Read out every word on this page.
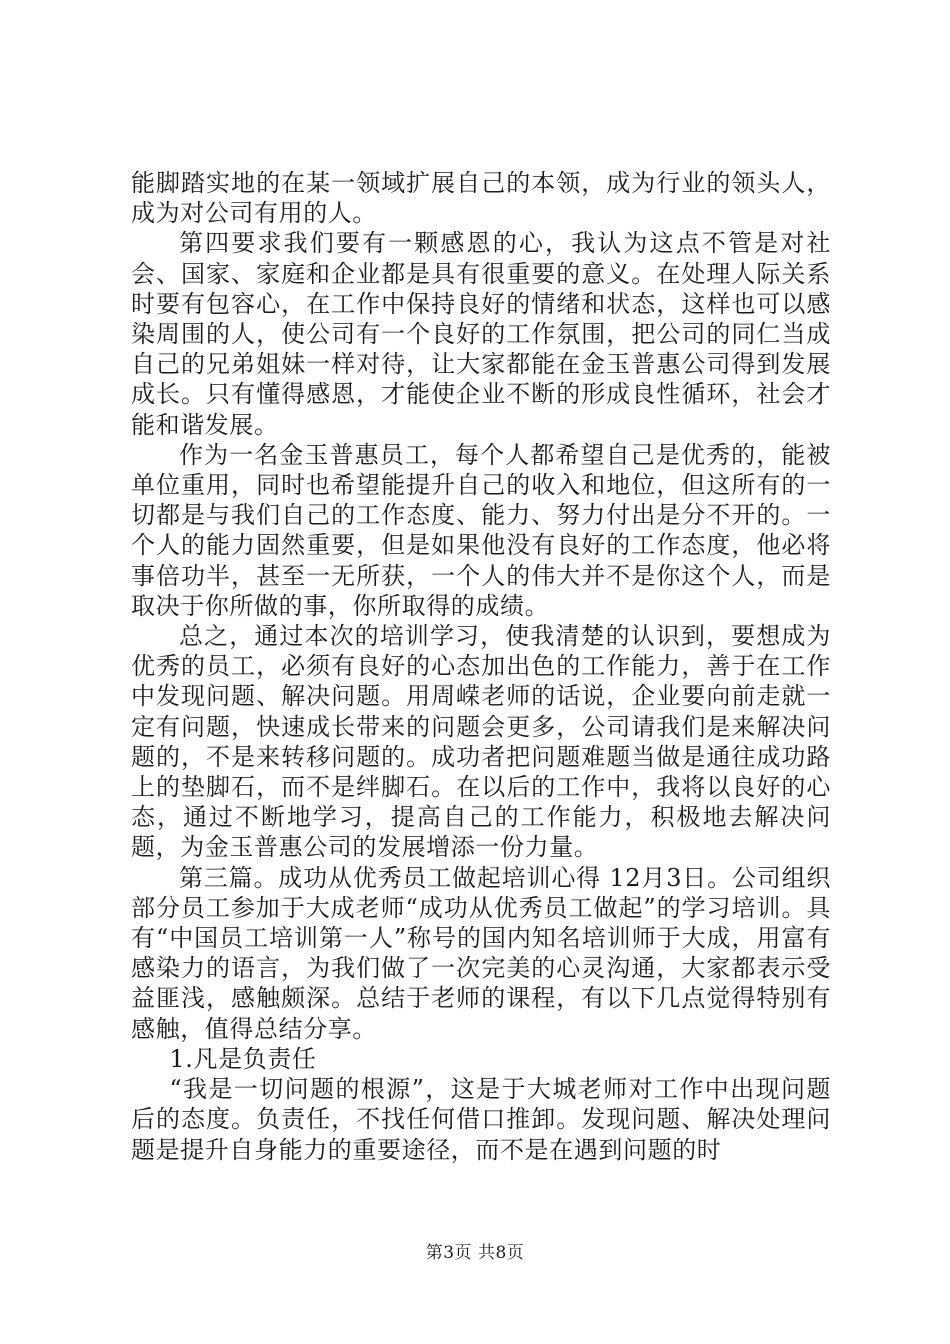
能脚踏实地的在某一领域扩展自己的本领，成为行业的领头人，成为对公司有用的人。

第四要求我们要有一颗感恩的心，我认为这点不管是对社会、国家、家庭和企业都是具有很重要的意义。在处理人际关系时要有包容心，在工作中保持良好的情绪和状态，这样也可以感染周围的人，使公司有一个良好的工作氛围，把公司的同仁当成自己的兄弟姐妹一样对待，让大家都能在金玉普惠公司得到发展成长。只有懂得感恩，才能使企业不断的形成良性循环，社会才能和谐发展。

作为一名金玉普惠员工，每个人都希望自己是优秀的，能被单位重用，同时也希望能提升自己的收入和地位，但这所有的一切都是与我们自己的工作态度、能力、努力付出是分不开的。一个人的能力固然重要，但是如果他没有良好的工作态度，他必将事倍功半，甚至一无所获，一个人的伟大并不是你这个人，而是取决于你所做的事，你所取得的成绩。

总之，通过本次的培训学习，使我清楚的认识到，要想成为优秀的员工，必须有良好的心态加出色的工作能力，善于在工作中发现问题、解决问题。用周嵘老师的话说，企业要向前走就一定有问题，快速成长带来的问题会更多，公司请我们是来解决问题的，不是来转移问题的。成功者把问题难题当做是通往成功路上的垫脚石，而不是绊脚石。在以后的工作中，我将以良好的心态，通过不断地学习，提高自己的工作能力，积极地去解决问题，为金玉普惠公司的发展增添一份力量。

第三篇。成功从优秀员工做起培训心得 12月3日。公司组织部分员工参加于大成老师“成功从优秀员工做起”的学习培训。具有“中国员工培训第一人”称号的国内知名培训师于大成，用富有感染力的语言，为我们做了一次完美的心灵沟通，大家都表示受益匪浅，感触颇深。总结于老师的课程，有以下几点觉得特别有感触，值得总结分享。

1.凡是负责任

“我是一切问题的根源”，这是于大城老师对工作中出现问题后的态度。负责任，不找任何借口推卸。发现问题、解决处理问题是提升自身能力的重要途径，而不是在遇到问题的时

第3页 共8页
